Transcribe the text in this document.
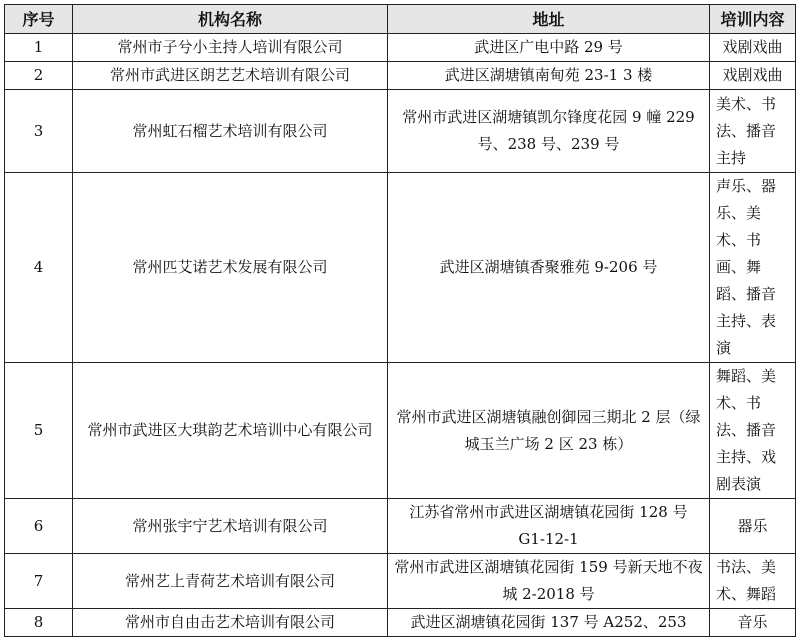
序号	机构名称	地址	培训内容
1	常州市子兮小主持人培训有限公司	武进区广电中路 29 号	戏剧戏曲
2	常州市武进区朗艺艺术培训有限公司	武进区湖塘镇南甸苑 23-1 3 楼	戏剧戏曲
3	常州虹石榴艺术培训有限公司	常州市武进区湖塘镇凯尔锋度花园 9 幢 229 号、238 号、239 号	美术、书法、播音主持
4	常州匹艾诺艺术发展有限公司	武进区湖塘镇香聚雅苑 9-206 号	声乐、器乐、美术、书画、舞蹈、播音主持、表演
5	常州市武进区大琪韵艺术培训中心有限公司	常州市武进区湖塘镇融创御园三期北 2 层（绿城玉兰广场 2 区 23 栋）	舞蹈、美术、书法、播音主持、戏剧表演
6	常州张宇宁艺术培训有限公司	江苏省常州市武进区湖塘镇花园街 128 号 G1-12-1	器乐
7	常州艺上青荷艺术培训有限公司	常州市武进区湖塘镇花园街 159 号新天地不夜城 2-2018 号	书法、美术、舞蹈
8	常州市自由击艺术培训有限公司	武进区湖塘镇花园街 137 号 A252、253	音乐
